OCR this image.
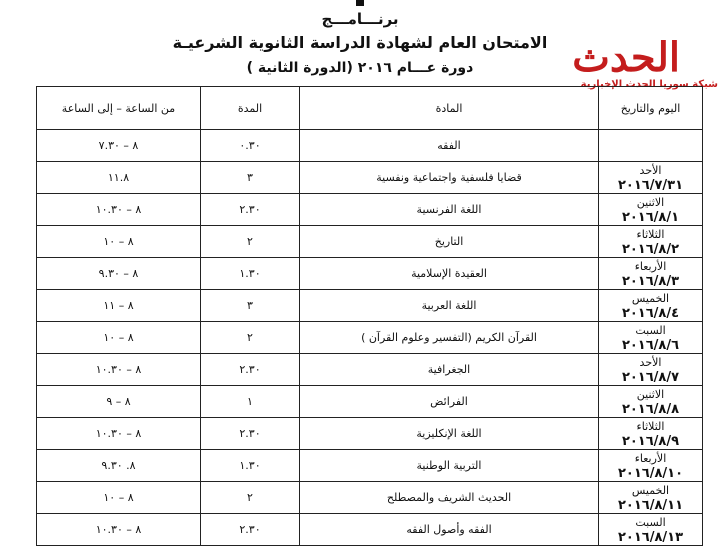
برنـــامـــج
الامتحان العام لشهادة الدراسة الثانوية الشرعيـة
دورة عـــام ٢٠١٦ (الدورة الثانية )	الحدث
شبكة سوريا الحدث الإخبارية
اليوم والتاريخ	المادة	المدة	من الساعة – إلى الساعة

	الفقه	٠.٣٠	٨ – ٧.٣٠

الأحد
٢٠١٦/٧/٣١	قضايا فلسفية واجتماعية ونفسية	٣	١١.٨

الاثنين
٢٠١٦/٨/١	اللغة الفرنسية	٢.٣٠	٨ – ١٠.٣٠

الثلاثاء
٢٠١٦/٨/٢	التاريخ	٢	٨ – ١٠

الأربعاء
٢٠١٦/٨/٣	العقيدة الإسلامية	١.٣٠	٨ – ٩.٣٠

الخميس
٢٠١٦/٨/٤	اللغة العربية	٣	٨ – ١١

السبت
٢٠١٦/٨/٦	القرآن الكريم (التفسير وعلوم القرآن )	٢	٨ – ١٠

الأحد
٢٠١٦/٨/٧	الجغرافية	٢.٣٠	٨ – ١٠.٣٠

الاثنين
٢٠١٦/٨/٨	الفرائض	١	٨ – ٩

الثلاثاء
٢٠١٦/٨/٩	اللغة الإنكليزية	٢.٣٠	٨ – ١٠.٣٠

الأربعاء
٢٠١٦/٨/١٠	التربية الوطنية	١.٣٠	٨. ٩.٣٠

الخميس
٢٠١٦/٨/١١	الحديث الشريف والمصطلح	٢	٨ – ١٠

السبت
٢٠١٦/٨/١٣	الفقه وأصول الفقه	٢.٣٠	٨ – ١٠.٣٠
